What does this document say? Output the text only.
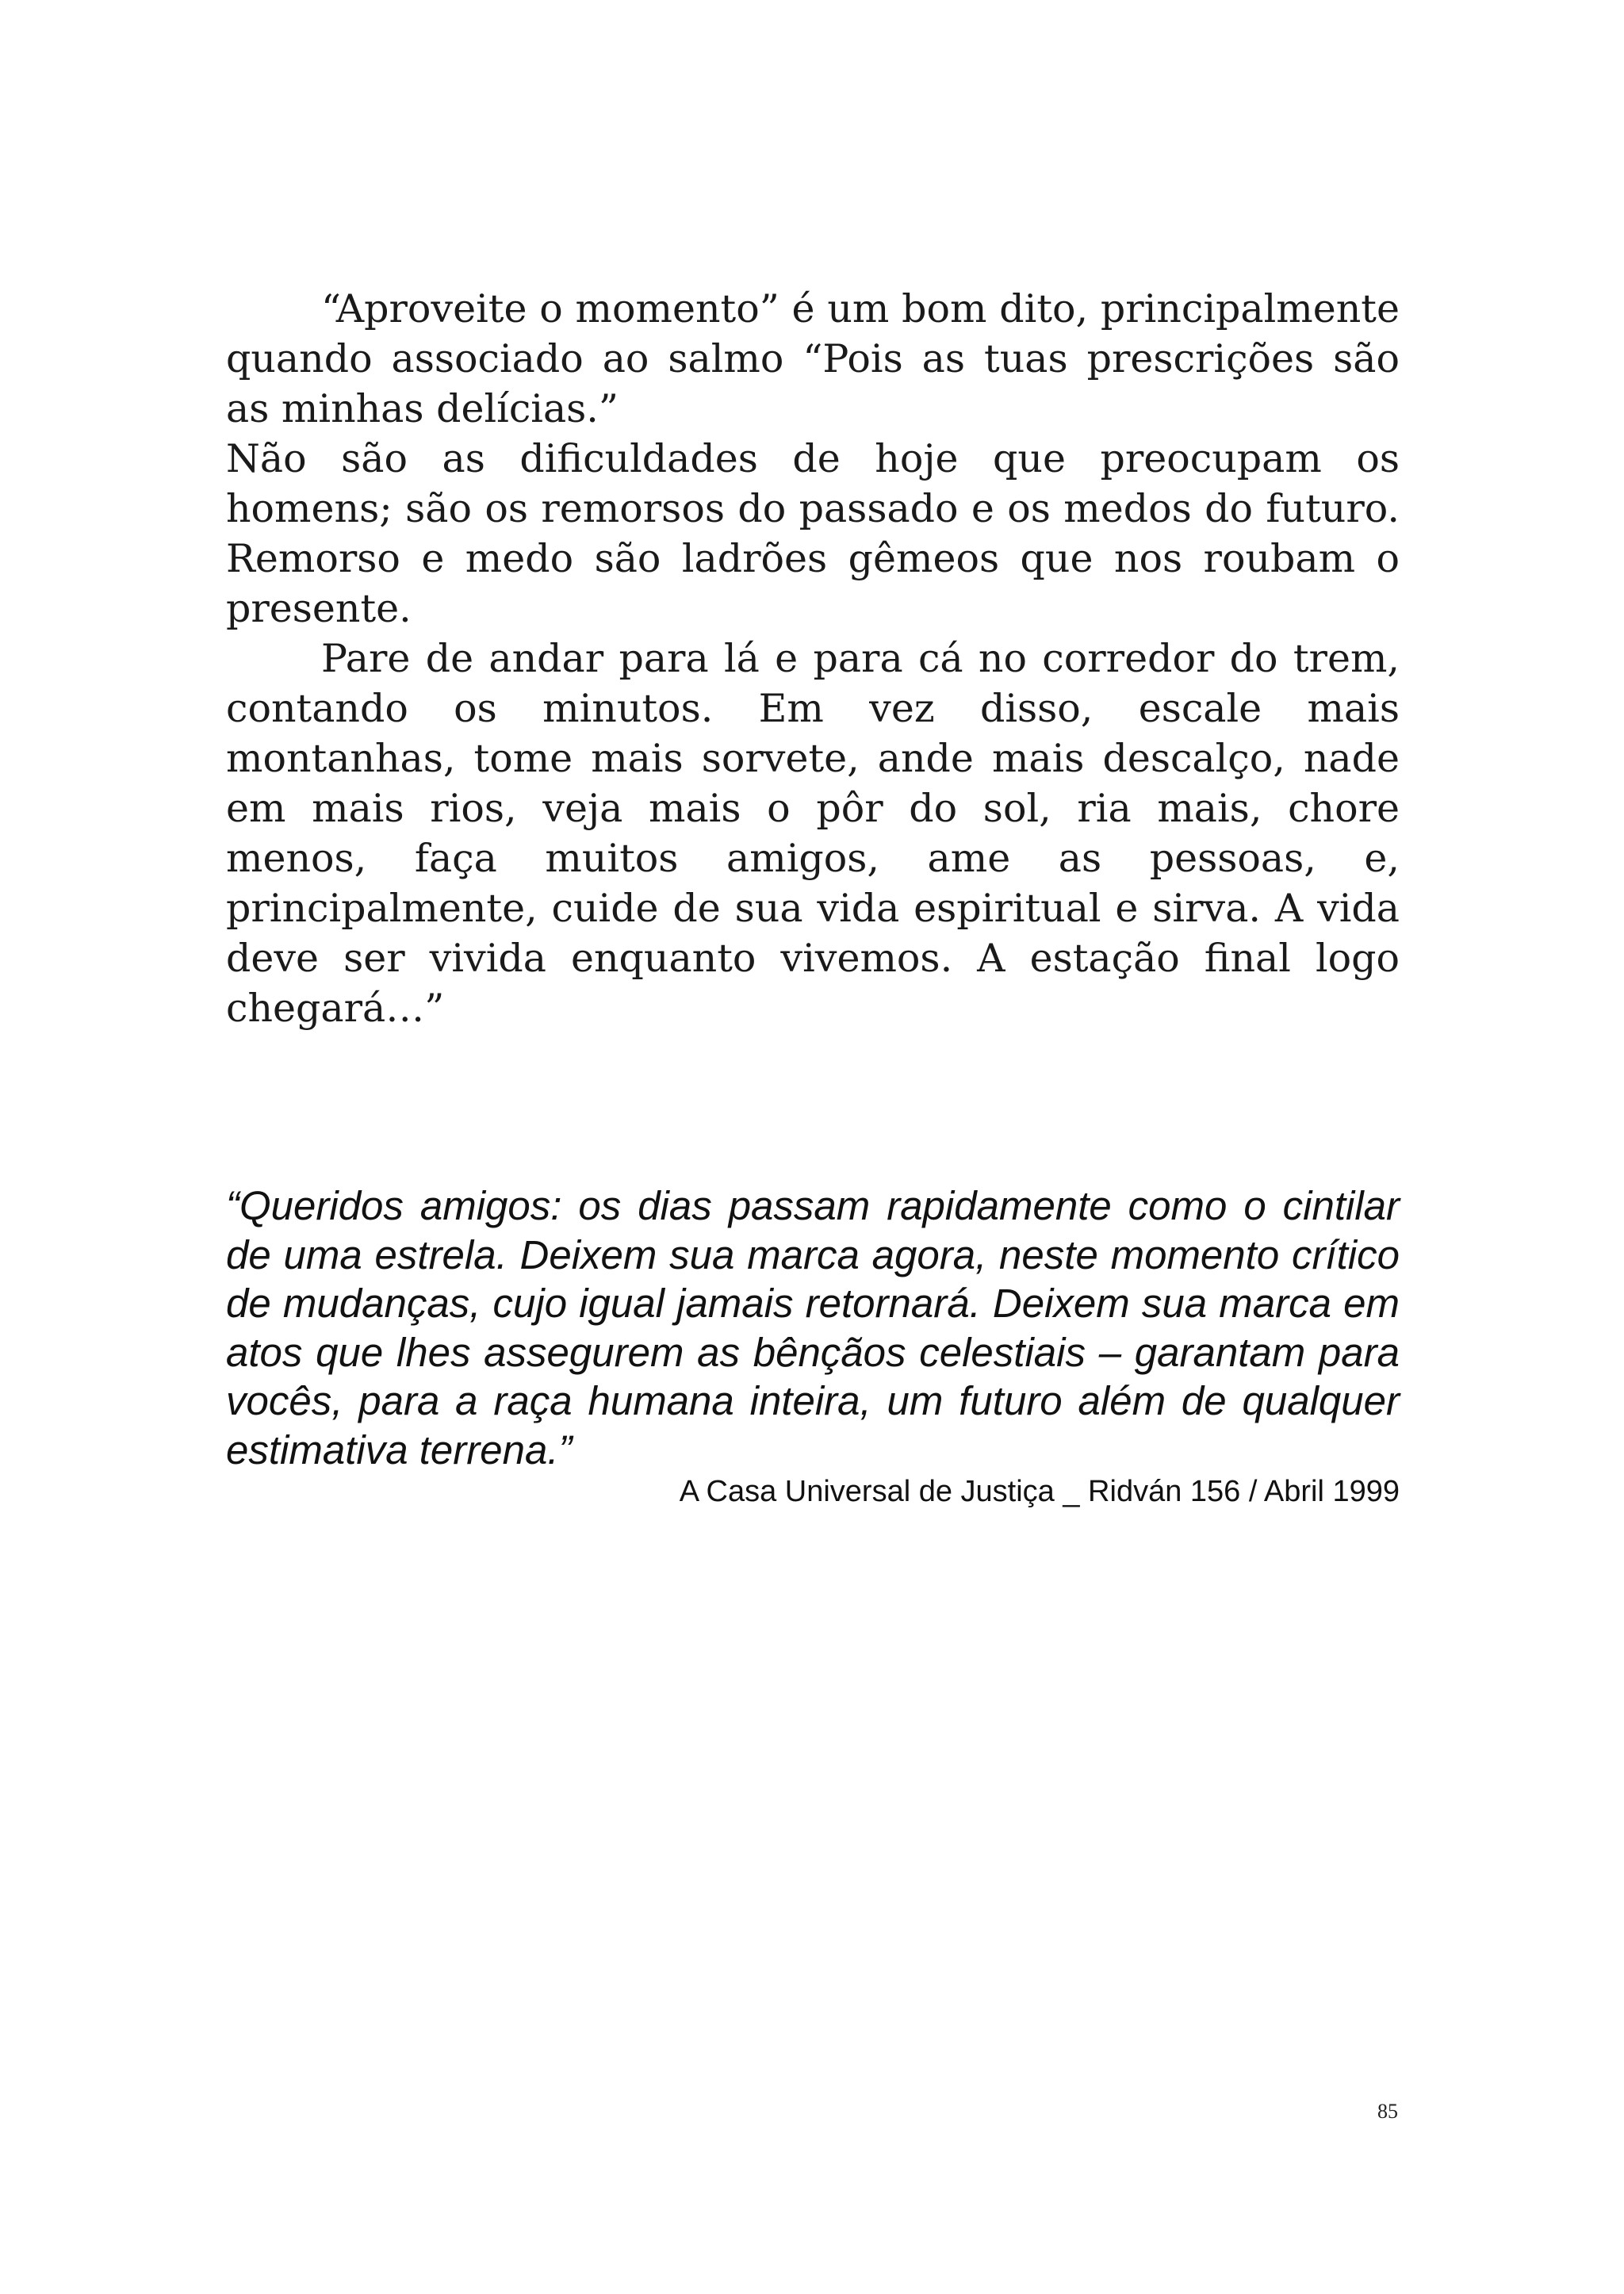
“Aproveite o momento” é um bom dito, principalmente quando associado ao salmo “Pois as tuas prescrições são as minhas delícias.”

Não são as dificuldades de hoje que preocupam os homens; são os remorsos do passado e os medos do futuro. Remorso e medo são ladrões gêmeos que nos roubam o presente.

Pare de andar para lá e para cá no corredor do trem, contando os minutos. Em vez disso, escale mais montanhas, tome mais sorvete, ande mais descalço, nade em mais rios, veja mais o pôr do sol, ria mais, chore menos, faça muitos amigos, ame as pessoas, e, principalmente, cuide de sua vida espiritual e sirva. A vida deve ser vivida enquanto vivemos. A estação final logo chegará…”

“Queridos amigos: os dias passam rapidamente como o cintilar de uma estrela. Deixem sua marca agora, neste momento crítico de mudanças, cujo igual jamais retornará. Deixem sua marca em atos que lhes assegurem as bênçãos celestiais – garantam para vocês, para a raça humana inteira, um futuro além de qualquer estimativa terrena.”

A Casa Universal de Justiça _ Ridván 156 / Abril 1999
85
